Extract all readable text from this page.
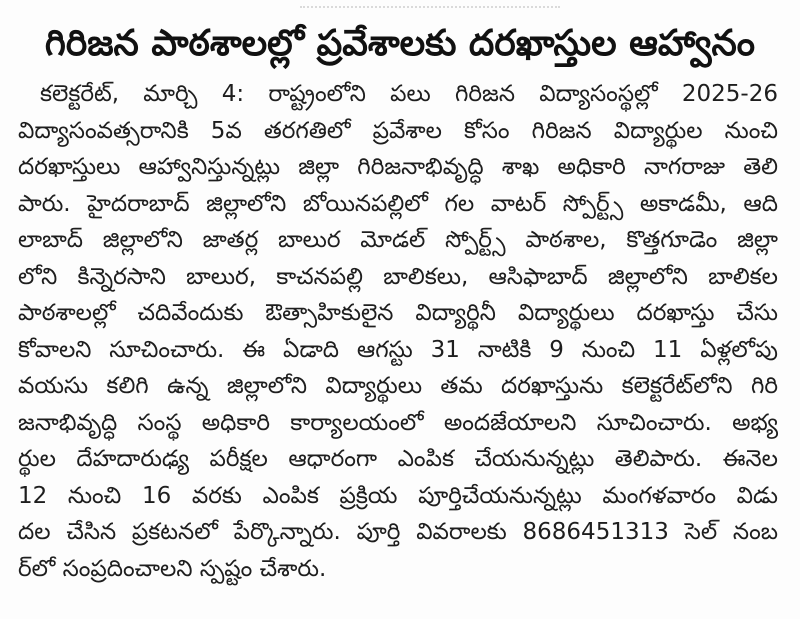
గిరిజన పాఠశాలల్లో ప్రవేశాలకు దరఖాస్తుల ఆహ్వానం
కలెక్టరేట్, మార్చి 4: రాష్ట్రంలోని పలు గిరిజన విద్యాసంస్థల్లో 2025-26
విద్యాసంవత్సరానికి 5వ తరగతిలో ప్రవేశాల కోసం గిరిజన విద్యార్థుల నుంచి
దరఖాస్తులు ఆహ్వానిస్తున్నట్లు జిల్లా గిరిజనాభివృద్ధి శాఖ అధికారి నాగరాజు తెలి
పారు. హైదరాబాద్ జిల్లాలోని బోయినపల్లిలో గల వాటర్ స్పోర్ట్స్ అకాడమీ, ఆది
లాబాద్ జిల్లాలోని జాతర్ల బాలుర మోడల్ స్పోర్ట్స్ పాఠశాల, కొత్తగూడెం జిల్లా
లోని కిన్నెరసాని బాలుర, కాచనపల్లి బాలికలు, ఆసిఫాబాద్ జిల్లాలోని బాలికల
పాఠశాలల్లో చదివేందుకు ఔత్సాహికులైన విద్యార్థినీ విద్యార్థులు దరఖాస్తు చేసు
కోవాలని సూచించారు. ఈ ఏడాది ఆగస్టు 31 నాటికి 9 నుంచి 11 ఏళ్లలోపు
వయసు కలిగి ఉన్న జిల్లాలోని విద్యార్థులు తమ దరఖాస్తును కలెక్టరేట్‌లోని గిరి
జనాభివృద్ధి సంస్థ అధికారి కార్యాలయంలో అందజేయాలని సూచించారు. అభ్య
ర్థుల దేహదారుఢ్య పరీక్షల ఆధారంగా ఎంపిక చేయనున్నట్లు తెలిపారు. ఈనెల
12 నుంచి 16 వరకు ఎంపిక ప్రక్రియ పూర్తిచేయనున్నట్లు మంగళవారం విడు
దల చేసిన ప్రకటనలో పేర్కొన్నారు. పూర్తి వివరాలకు 8686451313 సెల్ నంబ
ర్‌లో సంప్రదించాలని స్పష్టం చేశారు.
